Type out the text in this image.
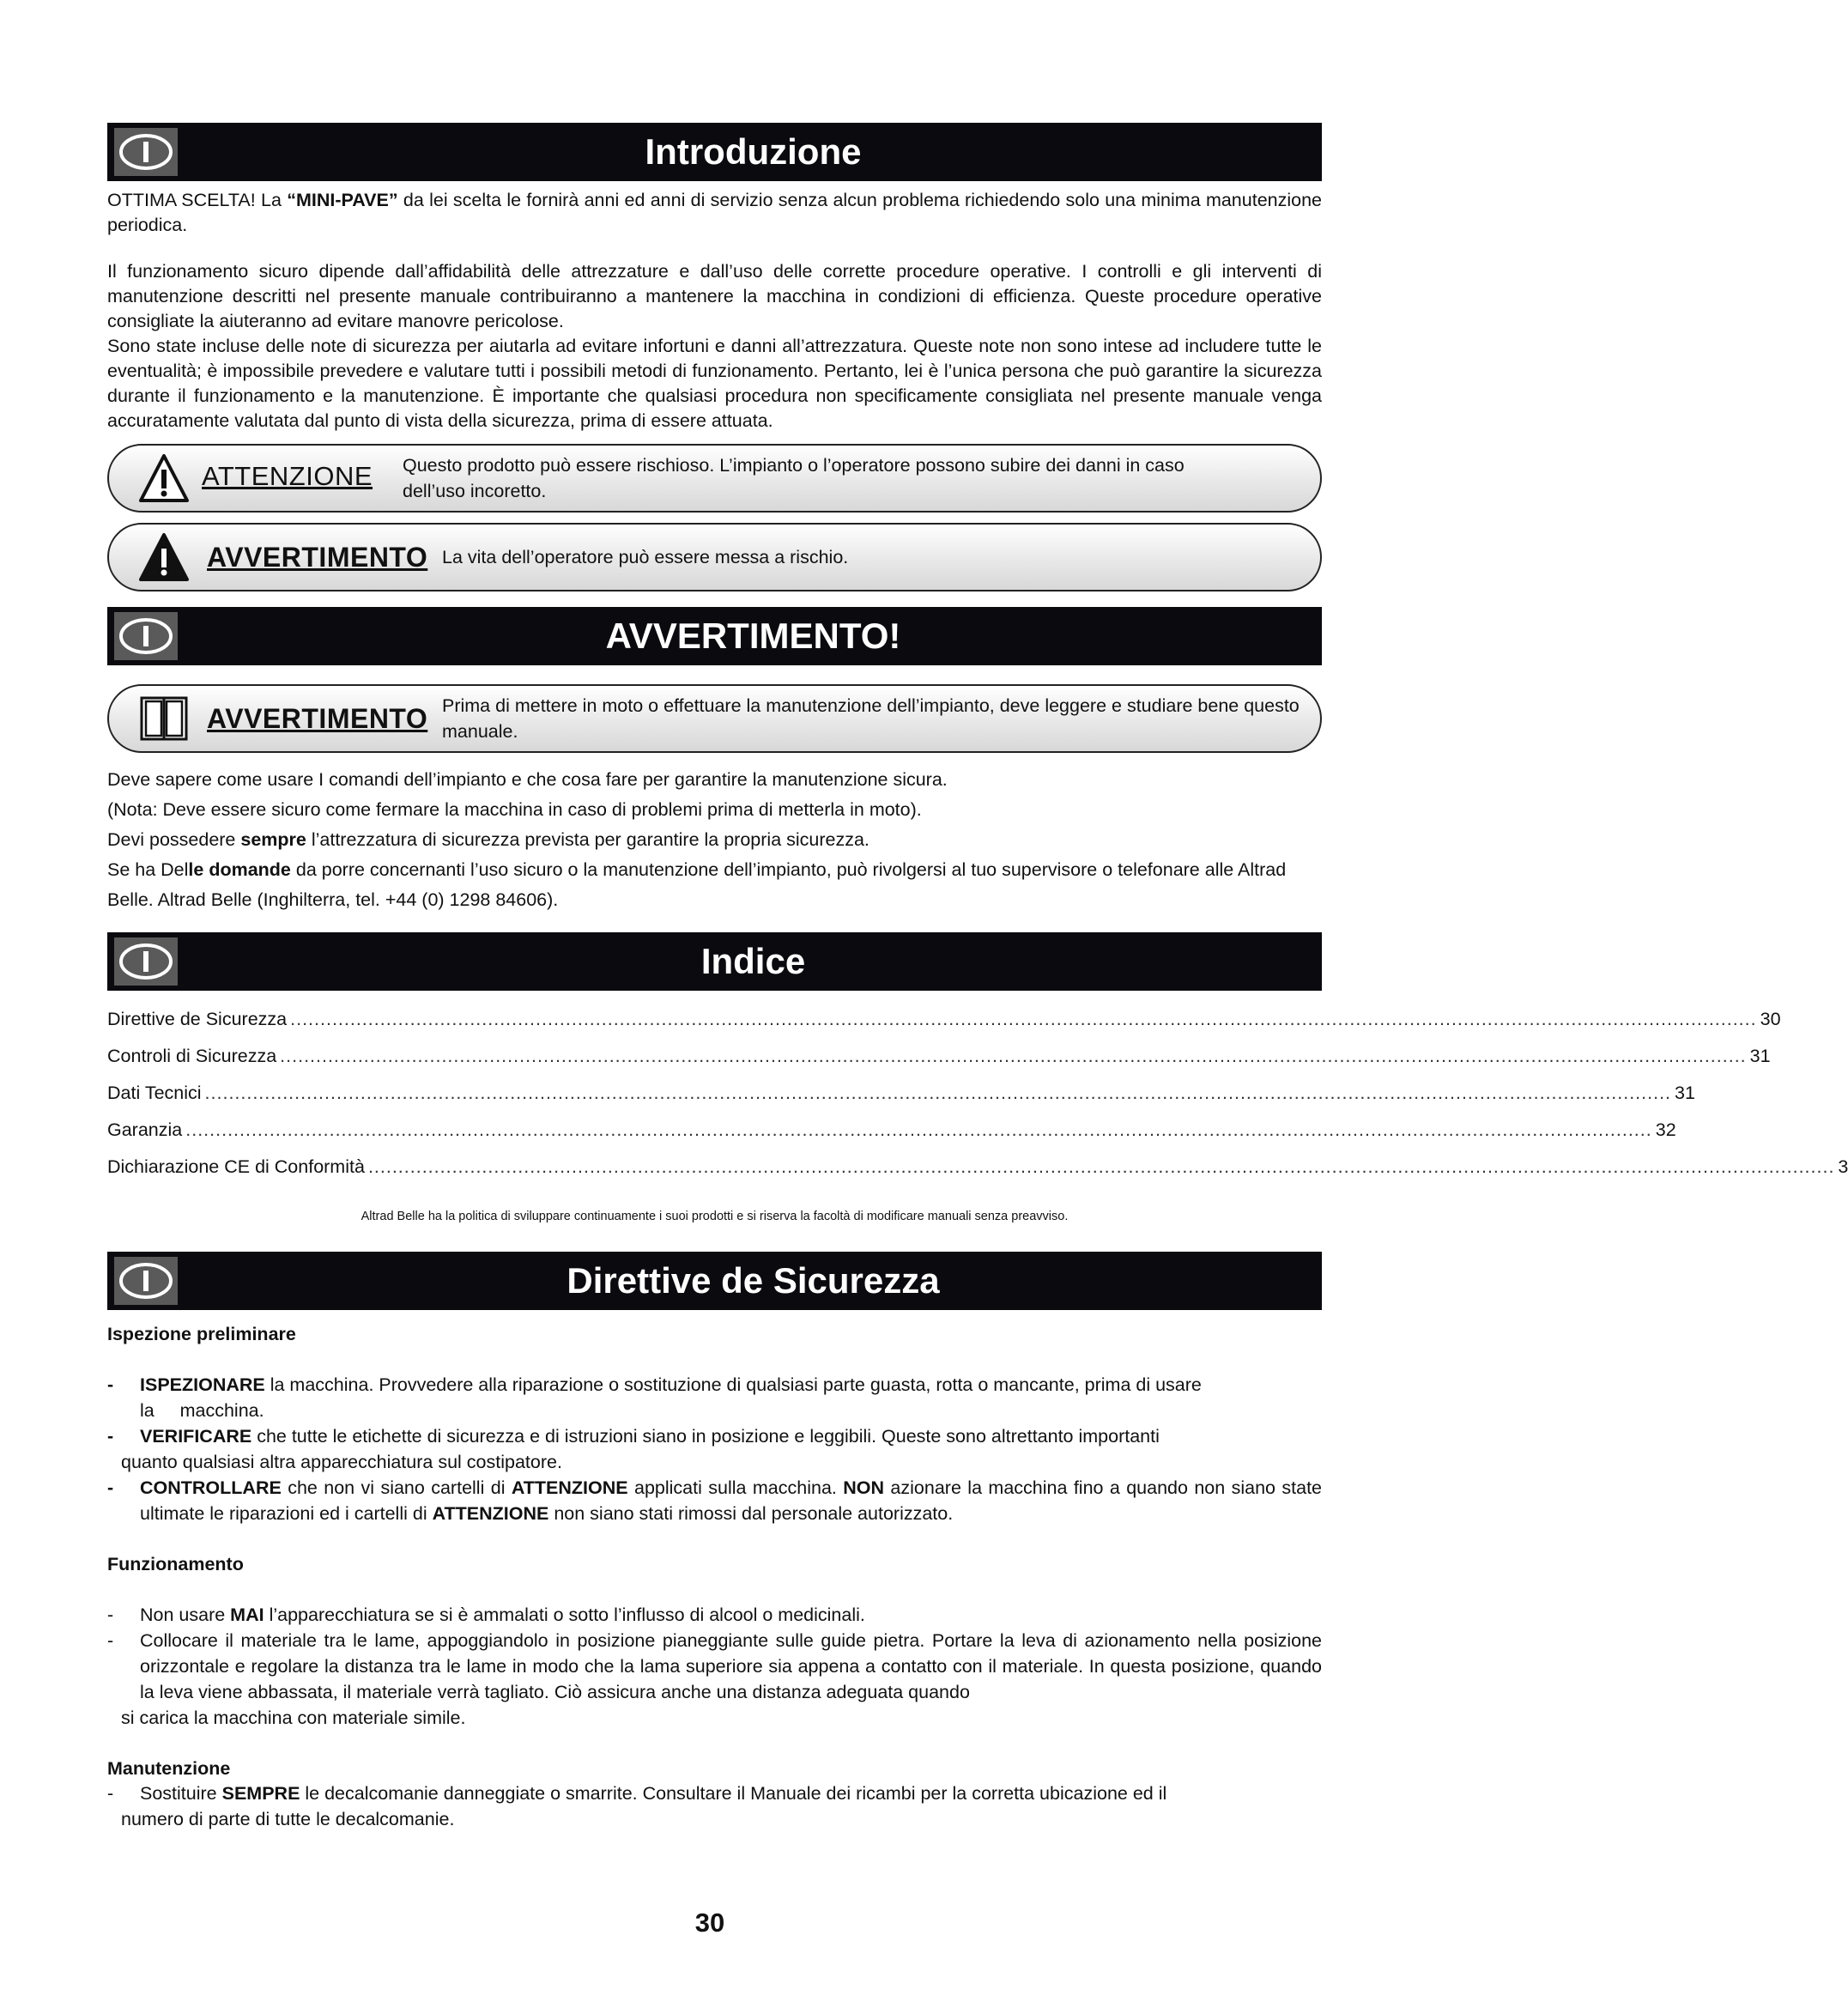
Introduzione

OTTIMA SCELTA! La “MINI-PAVE” da lei scelta le fornirà anni ed anni di servizio senza alcun problema richiedendo solo una minima manutenzione periodica.

Il funzionamento sicuro dipende dall’affidabilità delle attrezzature e dall’uso delle corrette procedure operative. I controlli e gli interventi di manutenzione descritti nel presente manuale contribuiranno a mantenere la macchina in condizioni di efficienza. Queste procedure operative consigliate la aiuteranno ad evitare manovre pericolose.

Sono state incluse delle note di sicurezza per aiutarla ad evitare infortuni e danni all’attrezzatura. Queste note non sono intese ad includere tutte le eventualità; è impossibile prevedere e valutare tutti i possibili metodi di funzionamento. Pertanto, lei è l’unica persona che può garantire la sicurezza durante il funzionamento e la manutenzione. È importante che qualsiasi procedura non specificamente consigliata nel presente manuale venga accuratamente valutata dal punto di vista della sicurezza, prima di essere attuata.

ATTENZIONE Questo prodotto può essere rischioso. L’impianto o l’operatore possono subire dei danni in caso dell’uso incoretto.
AVVERTIMENTO La vita dell’operatore può essere messa a rischio.
AVVERTIMENTO!
AVVERTIMENTO Prima di mettere in moto o effettuare la manutenzione dell’impianto, deve leggere e studiare bene questo manuale.

Deve sapere come usare I comandi dell’impianto e che cosa fare per garantire la manutenzione sicura.

(Nota: Deve essere sicuro come fermare la macchina in caso di problemi prima di metterla in moto).

Devi possedere sempre l’attrezzatura di sicurezza prevista per garantire la propria sicurezza.

Se ha Delle domande da porre concernanti l’uso sicuro o la manutenzione dell’impianto, può rivolgersi al tuo supervisore o telefonare alle Altrad Belle. Altrad Belle (Inghilterra, tel. +44 (0) 1298 84606).

Indice
Direttive de Sicurezza ..................................................................................................................................................................................................................................................... 30
Controli di Sicurezza ..................................................................................................................................................................................................................................................... 31
Dati Tecnici ..................................................................................................................................................................................................................................................... 31
Garanzia ..................................................................................................................................................................................................................................................... 32
Dichiarazione CE di Conformità ..................................................................................................................................................................................................................................................... 3

Altrad Belle ha la politica di sviluppare continuamente i suoi prodotti e si riserva la facoltà di modificare manuali senza preavviso.

Direttive de Sicurezza

Ispezione preliminare

- ISPEZIONARE la macchina. Provvedere alla riparazione o sostituzione di qualsiasi parte guasta, rotta o mancante, prima di usare
la     macchina.

- VERIFICARE che tutte le etichette di sicurezza e di istruzioni siano in posizione e leggibili. Queste sono altrettanto importanti
quanto qualsiasi altra apparecchiatura sul costipatore.

- CONTROLLARE che non vi siano cartelli di ATTENZIONE applicati sulla macchina. NON azionare la macchina fino a quando non siano state ultimate le riparazioni ed i cartelli di ATTENZIONE non siano stati rimossi dal personale autorizzato.

Funzionamento

- Non usare MAI l’apparecchiatura se si è ammalati o sotto l’influsso di alcool o medicinali.

- Collocare il materiale tra le lame, appoggiandolo in posizione pianeggiante sulle guide pietra. Portare la leva di azionamento nella posizione orizzontale e regolare la distanza tra le lame in modo che la lama superiore sia appena a contatto con il materiale. In questa posizione, quando la leva viene abbassata, il materiale verrà tagliato. Ciò assicura anche una distanza adeguata quando
si carica la macchina con materiale simile.

Manutenzione

- Sostituire SEMPRE le decalcomanie danneggiate o smarrite. Consultare il Manuale dei ricambi per la corretta ubicazione ed il
numero di parte di tutte le decalcomanie.

30
